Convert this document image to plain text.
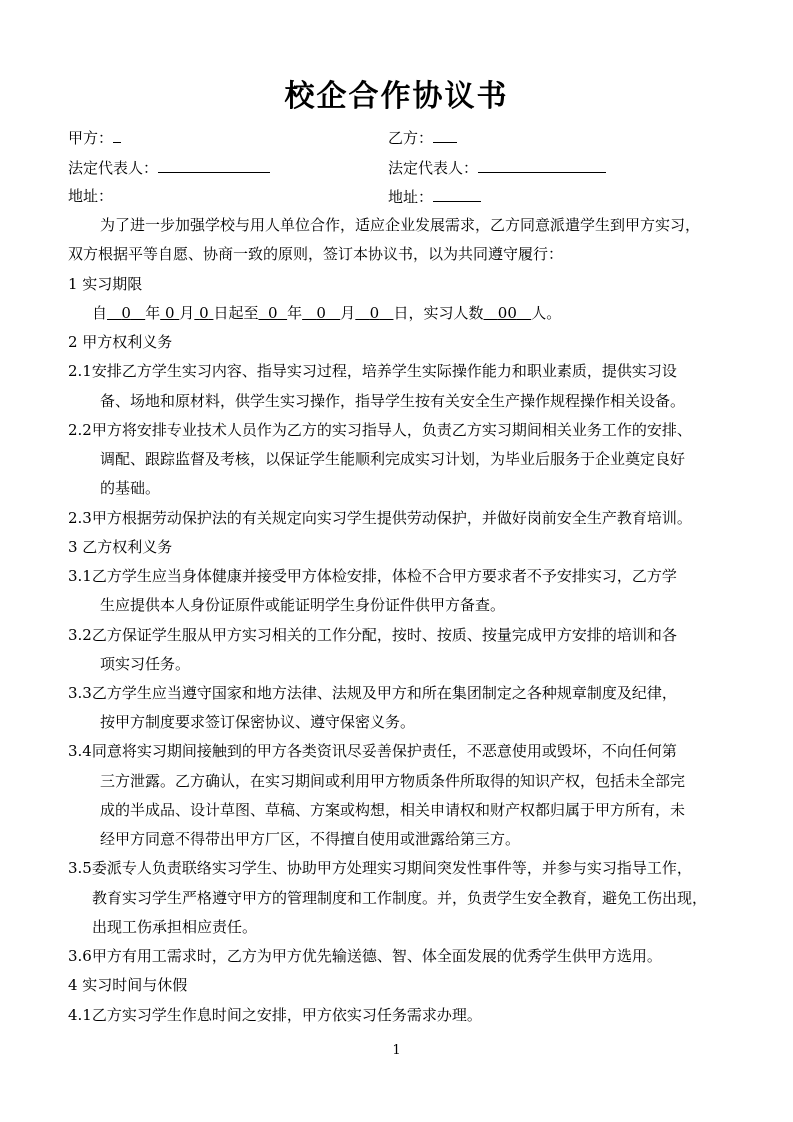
校企合作协议书
甲方：	乙方：
法定代表人：	法定代表人：
地址：	地址：
为了进一步加强学校与用人单位合作，适应企业发展需求，乙方同意派遣学生到甲方实习，
双方根据平等自愿、协商一致的原则，签订本协议书，以为共同遵守履行：
1 实习期限
自 0 年 0 月 0 日起至 0 年 0 月 0 日，实习人数 00 人。
2 甲方权利义务
2.1安排乙方学生实习内容、指导实习过程，培养学生实际操作能力和职业素质，提供实习设
备、场地和原材料，供学生实习操作，指导学生按有关安全生产操作规程操作相关设备。
2.2甲方将安排专业技术人员作为乙方的实习指导人，负责乙方实习期间相关业务工作的安排、
调配、跟踪监督及考核，以保证学生能顺利完成实习计划，为毕业后服务于企业奠定良好
的基础。
2.3甲方根据劳动保护法的有关规定向实习学生提供劳动保护，并做好岗前安全生产教育培训。
3 乙方权利义务
3.1乙方学生应当身体健康并接受甲方体检安排，体检不合甲方要求者不予安排实习，乙方学
生应提供本人身份证原件或能证明学生身份证件供甲方备查。
3.2乙方保证学生服从甲方实习相关的工作分配，按时、按质、按量完成甲方安排的培训和各
项实习任务。
3.3乙方学生应当遵守国家和地方法律、法规及甲方和所在集团制定之各种规章制度及纪律，
按甲方制度要求签订保密协议、遵守保密义务。
3.4同意将实习期间接触到的甲方各类资讯尽妥善保护责任，不恶意使用或毁坏，不向任何第
三方泄露。乙方确认，在实习期间或利用甲方物质条件所取得的知识产权，包括未全部完
成的半成品、设计草图、草稿、方案或构想，相关申请权和财产权都归属于甲方所有，未
经甲方同意不得带出甲方厂区，不得擅自使用或泄露给第三方。
3.5委派专人负责联络实习学生、协助甲方处理实习期间突发性事件等，并参与实习指导工作，
教育实习学生严格遵守甲方的管理制度和工作制度。并，负责学生安全教育，避免工伤出现，
出现工伤承担相应责任。
3.6甲方有用工需求时，乙方为甲方优先输送德、智、体全面发展的优秀学生供甲方选用。
4 实习时间与休假
4.1乙方实习学生作息时间之安排，甲方依实习任务需求办理。
1
